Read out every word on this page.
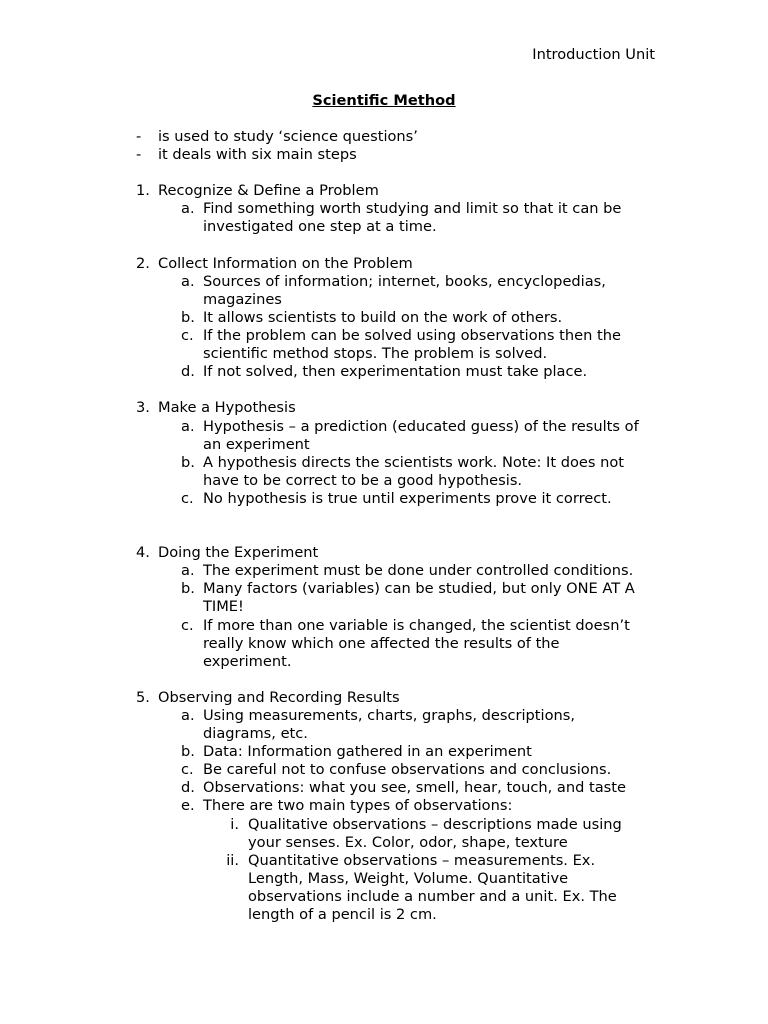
Introduction Unit
Scientific Method
- is used to study ‘science questions’
- it deals with six main steps
1. Recognize & Define a Problem
a. Find something worth studying and limit so that it can be
investigated one step at a time.
2. Collect Information on the Problem
a. Sources of information; internet, books, encyclopedias,
magazines
b. It allows scientists to build on the work of others.
c. If the problem can be solved using observations then the
scientific method stops. The problem is solved.
d. If not solved, then experimentation must take place.
3. Make a Hypothesis
a. Hypothesis – a prediction (educated guess) of the results of
an experiment
b. A hypothesis directs the scientists work. Note: It does not
have to be correct to be a good hypothesis.
c. No hypothesis is true until experiments prove it correct.
4. Doing the Experiment
a. The experiment must be done under controlled conditions.
b. Many factors (variables) can be studied, but only ONE AT A
TIME!
c. If more than one variable is changed, the scientist doesn’t
really know which one affected the results of the
experiment.
5. Observing and Recording Results
a. Using measurements, charts, graphs, descriptions,
diagrams, etc.
b. Data: Information gathered in an experiment
c. Be careful not to confuse observations and conclusions.
d. Observations: what you see, smell, hear, touch, and taste
e. There are two main types of observations:
i. Qualitative observations – descriptions made using
your senses. Ex. Color, odor, shape, texture
ii. Quantitative observations – measurements. Ex.
Length, Mass, Weight, Volume. Quantitative
observations include a number and a unit. Ex. The
length of a pencil is 2 cm.
